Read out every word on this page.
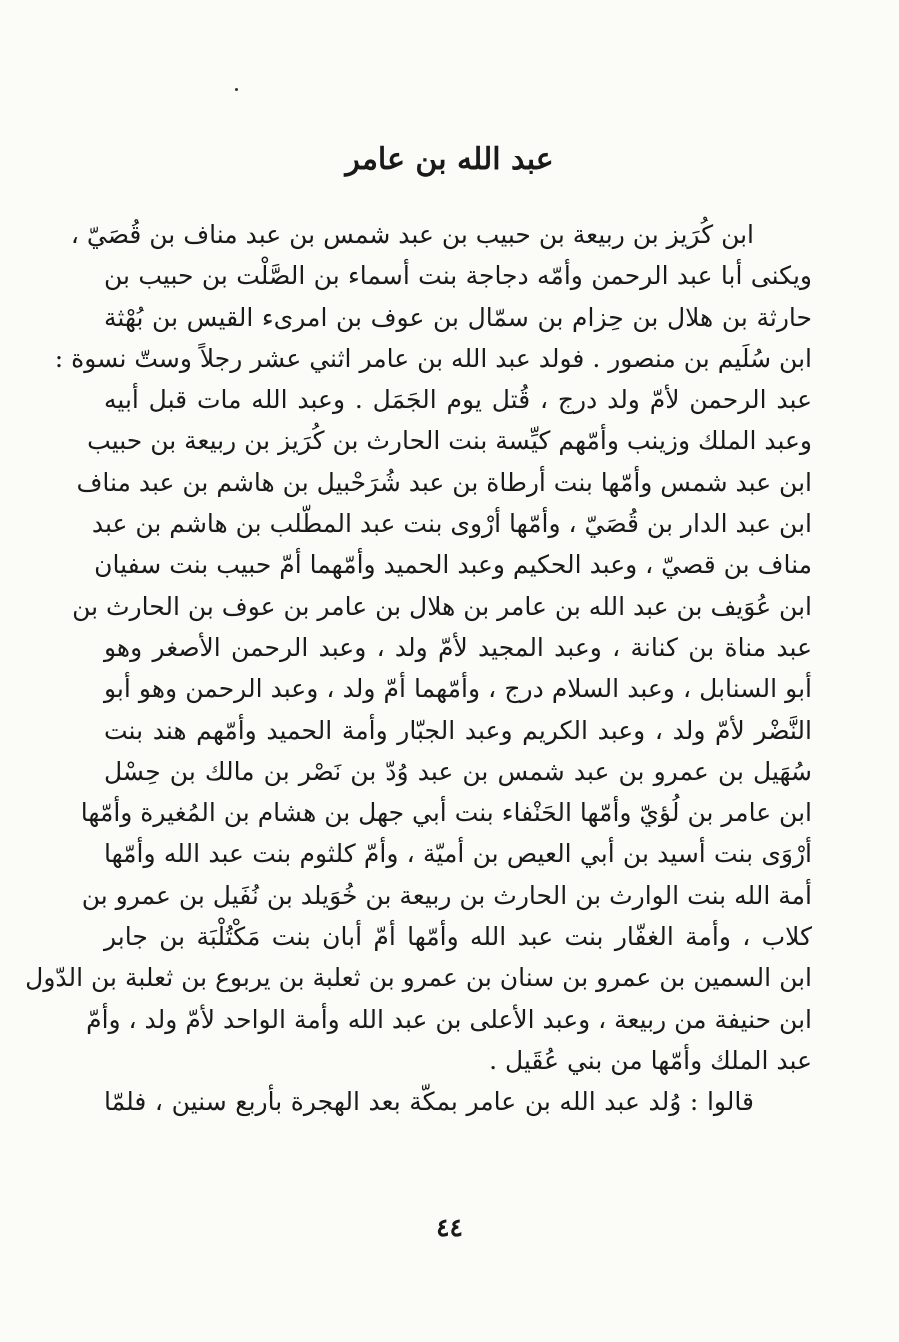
عبد الله بن عامر
ابن كُرَيز بن ربيعة بن حبيب بن عبد شمس بن عبد مناف بن قُصَيّ ،
ويكنى أبا عبد الرحمن وأمّه دجاجة بنت أسماء بن الصَّلْت بن حبيب بن
حارثة بن هلال بن حِزام بن سمّال بن عوف بن امرىء القيس بن بُهْثة
ابن سُلَيم بن منصور . فولد عبد الله بن عامر اثني عشر رجلاً وستّ نسوة :
عبد الرحمن لأمّ ولد درج ، قُتل يوم الجَمَل . وعبد الله مات قبل أبيه
وعبد الملك وزينب وأمّهم كيِّسة بنت الحارث بن كُرَيز بن ربيعة بن حبيب
ابن عبد شمس وأمّها بنت أرطاة بن عبد شُرَحْبيل بن هاشم بن عبد مناف
ابن عبد الدار بن قُصَيّ ، وأمّها أرْوى بنت عبد المطّلب بن هاشم بن عبد
مناف بن قصيّ ، وعبد الحكيم وعبد الحميد وأمّهما أمّ حبيب بنت سفيان
ابن عُوَيف بن عبد الله بن عامر بن هلال بن عامر بن عوف بن الحارث بن
عبد مناة بن كنانة ، وعبد المجيد لأمّ ولد ، وعبد الرحمن الأصغر وهو
أبو السنابل ، وعبد السلام درج ، وأمّهما أمّ ولد ، وعبد الرحمن وهو أبو
النَّضْر لأمّ ولد ، وعبد الكريم وعبد الجبّار وأمة الحميد وأمّهم هند بنت
سُهَيل بن عمرو بن عبد شمس بن عبد وُدّ بن نَصْر بن مالك بن حِسْل
ابن عامر بن لُؤيّ وأمّها الحَنْفاء بنت أبي جهل بن هشام بن المُغيرة وأمّها
أرْوَى بنت أسيد بن أبي العيص بن أميّة ، وأمّ كلثوم بنت عبد الله وأمّها
أمة الله بنت الوارث بن الحارث بن ربيعة بن خُوَيلد بن نُفَيل بن عمرو بن
كلاب ، وأمة الغفّار بنت عبد الله وأمّها أمّ أبان بنت مَكْتُلْبَة بن جابر
ابن السمين بن عمرو بن سنان بن عمرو بن ثعلبة بن يربوع بن ثعلبة بن الدّول
ابن حنيفة من ربيعة ، وعبد الأعلى بن عبد الله وأمة الواحد لأمّ ولد ، وأمّ
عبد الملك وأمّها من بني عُقَيل .
قالوا : وُلد عبد الله بن عامر بمكّة بعد الهجرة بأربع سنين ، فلمّا
٤٤
